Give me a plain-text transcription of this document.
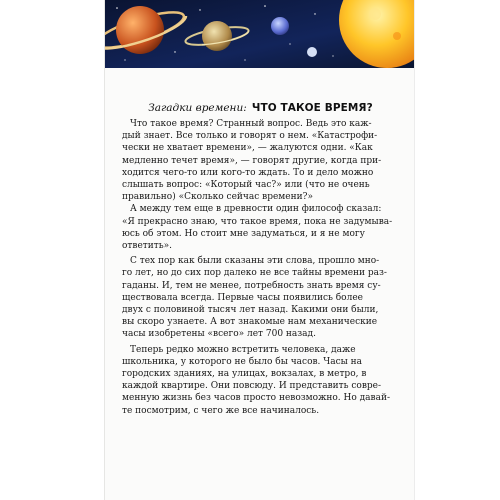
Загадки времени: ЧТО ТАКОЕ ВРЕМЯ?
Что такое время? Странный вопрос. Ведь это каж-
дый знает. Все только и говорят о нем. «Катастрофи-
чески не хватает времени», — жалуются одни. «Как
медленно течет время», — говорят другие, когда при-
ходится чего-то или кого-то ждать. То и дело можно
слышать вопрос: «Который час?» или (что не очень
правильно) «Сколько сейчас времени?»
А между тем еще в древности один философ сказал:
«Я прекрасно знаю, что такое время, пока не задумыва-
юсь об этом. Но стоит мне задуматься, и я не могу
ответить».
С тех пор как были сказаны эти слова, прошло мно-
го лет, но до сих пор далеко не все тайны времени раз-
гаданы. И, тем не менее, потребность знать время су-
ществовала всегда. Первые часы появились более
двух с половиной тысяч лет назад. Какими они были,
вы скоро узнаете. А вот знакомые нам механические
часы изобретены «всего» лет 700 назад.
Теперь редко можно встретить человека, даже
школьника, у которого не было бы часов. Часы на
городских зданиях, на улицах, вокзалах, в метро, в
каждой квартире. Они повсюду. И представить совре-
менную жизнь без часов просто невозможно. Но давай-
те посмотрим, с чего же все начиналось.
